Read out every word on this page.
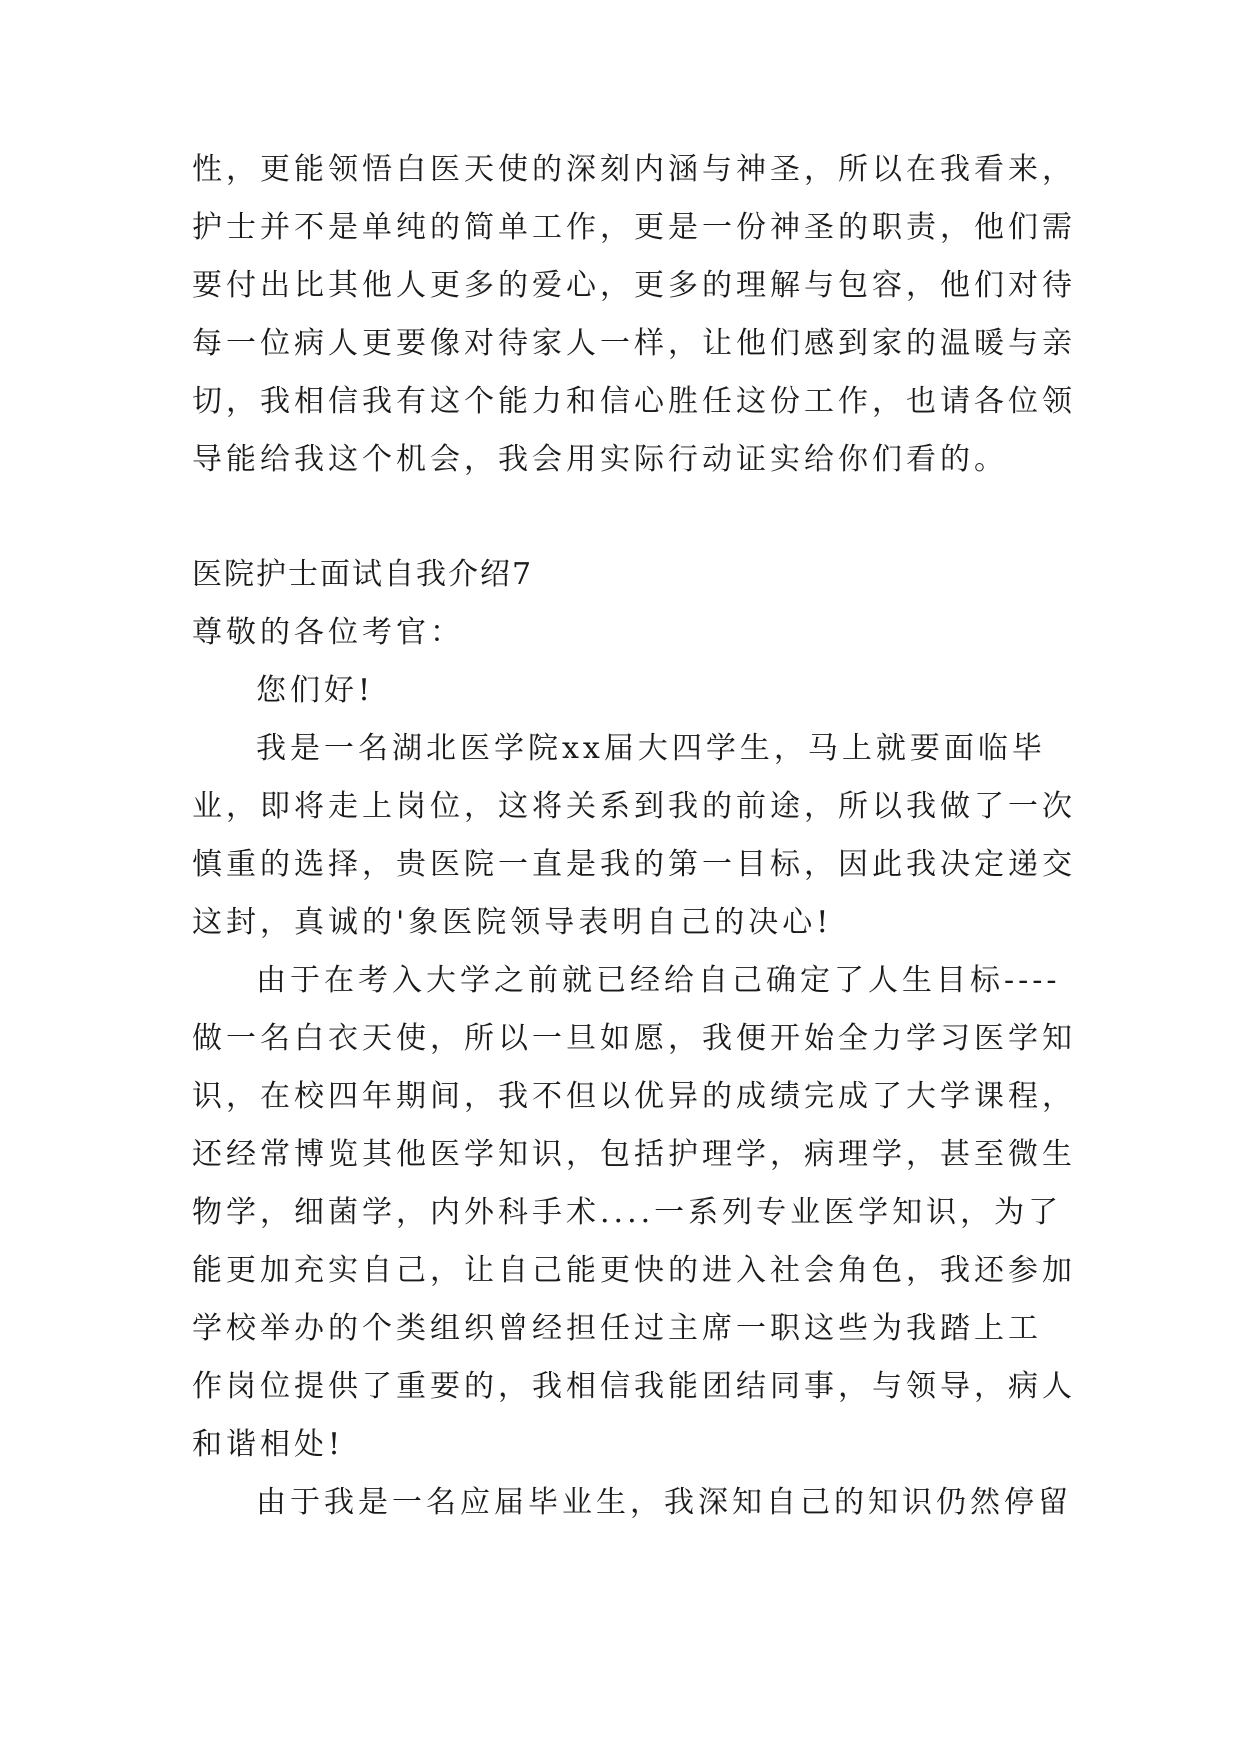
性，更能领悟白医天使的深刻内涵与神圣，所以在我看来，

护士并不是单纯的简单工作，更是一份神圣的职责，他们需

要付出比其他人更多的爱心，更多的理解与包容，他们对待

每一位病人更要像对待家人一样，让他们感到家的温暖与亲

切，我相信我有这个能力和信心胜任这份工作，也请各位领

导能给我这个机会，我会用实际行动证实给你们看的。

医院护士面试自我介绍7

尊敬的各位考官：

您们好!

我是一名湖北医学院xx届大四学生，马上就要面临毕

业，即将走上岗位，这将关系到我的前途，所以我做了一次

慎重的选择，贵医院一直是我的第一目标，因此我决定递交

这封，真诚的'象医院领导表明自己的决心!

由于在考入大学之前就已经给自己确定了人生目标----

做一名白衣天使，所以一旦如愿，我便开始全力学习医学知

识，在校四年期间，我不但以优异的成绩完成了大学课程，

还经常博览其他医学知识，包括护理学，病理学，甚至微生

物学，细菌学，内外科手术....一系列专业医学知识，为了

能更加充实自己，让自己能更快的进入社会角色，我还参加

学校举办的个类组织曾经担任过主席一职这些为我踏上工

作岗位提供了重要的，我相信我能团结同事，与领导，病人

和谐相处!

由于我是一名应届毕业生，我深知自己的知识仍然停留
